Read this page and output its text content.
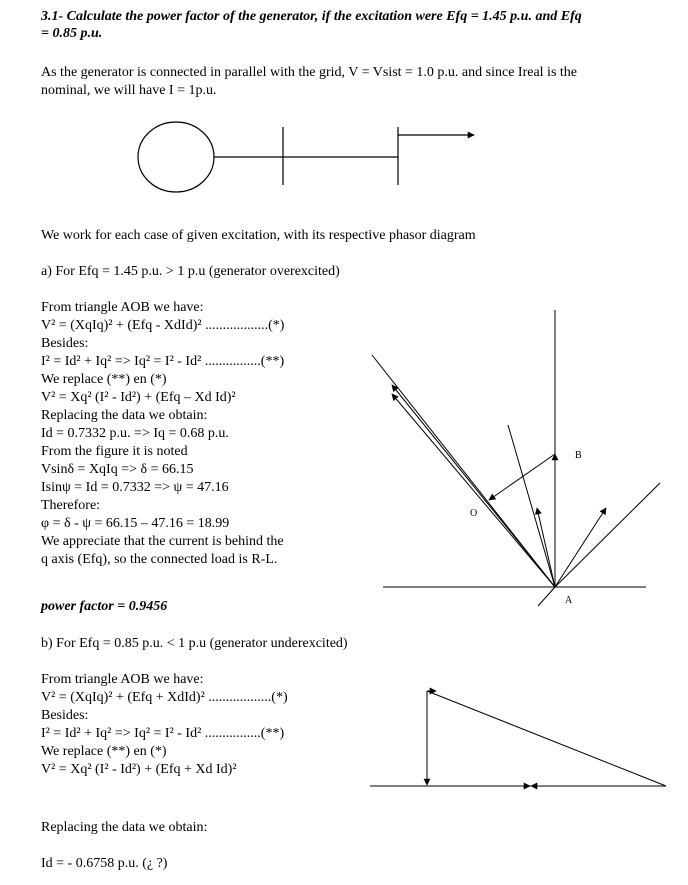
3.1- Calculate the power factor of the generator, if the excitation were Efq = 1.45 p.u. and Efq

= 0.85 p.u.

As the generator is connected in parallel with the grid, V = Vsist = 1.0 p.u. and since Ireal is the

nominal, we will have I = 1p.u.

We work for each case of given excitation, with its respective phasor diagram

a) For Efq = 1.45 p.u. > 1 p.u (generator overexcited)

From triangle AOB we have:

V² = (XqIq)² + (Efq - XdId)² ..................(*)

Besides:

I² = Id² + Iq² => Iq² = I² - Id² ................(**)

We replace (**) en (*)

V² = Xq² (I² - Id²) + (Efq – Xd Id)²

Replacing the data we obtain:

Id = 0.7332 p.u. => Iq = 0.68 p.u.

From the figure it is noted

Vsinδ = XqIq => δ = 66.15

Isinψ = Id = 0.7332 => ψ = 47.16

Therefore:

φ = δ - ψ = 66.15 – 47.16 = 18.99

We appreciate that the current is behind the

q axis (Efq), so the connected load is R-L.

power factor = 0.9456

b) For Efq = 0.85 p.u. < 1 p.u (generator underexcited)

From triangle AOB we have:

V² = (XqIq)² + (Efq + XdId)² ..................(*)

Besides:

I² = Id² + Iq² => Iq² = I² - Id² ................(**)

We replace (**) en (*)

V² = Xq² (I² - Id²) + (Efq + Xd Id)²

Replacing the data we obtain:

Id = - 0.6758 p.u. (¿ ?)

A
B
O
